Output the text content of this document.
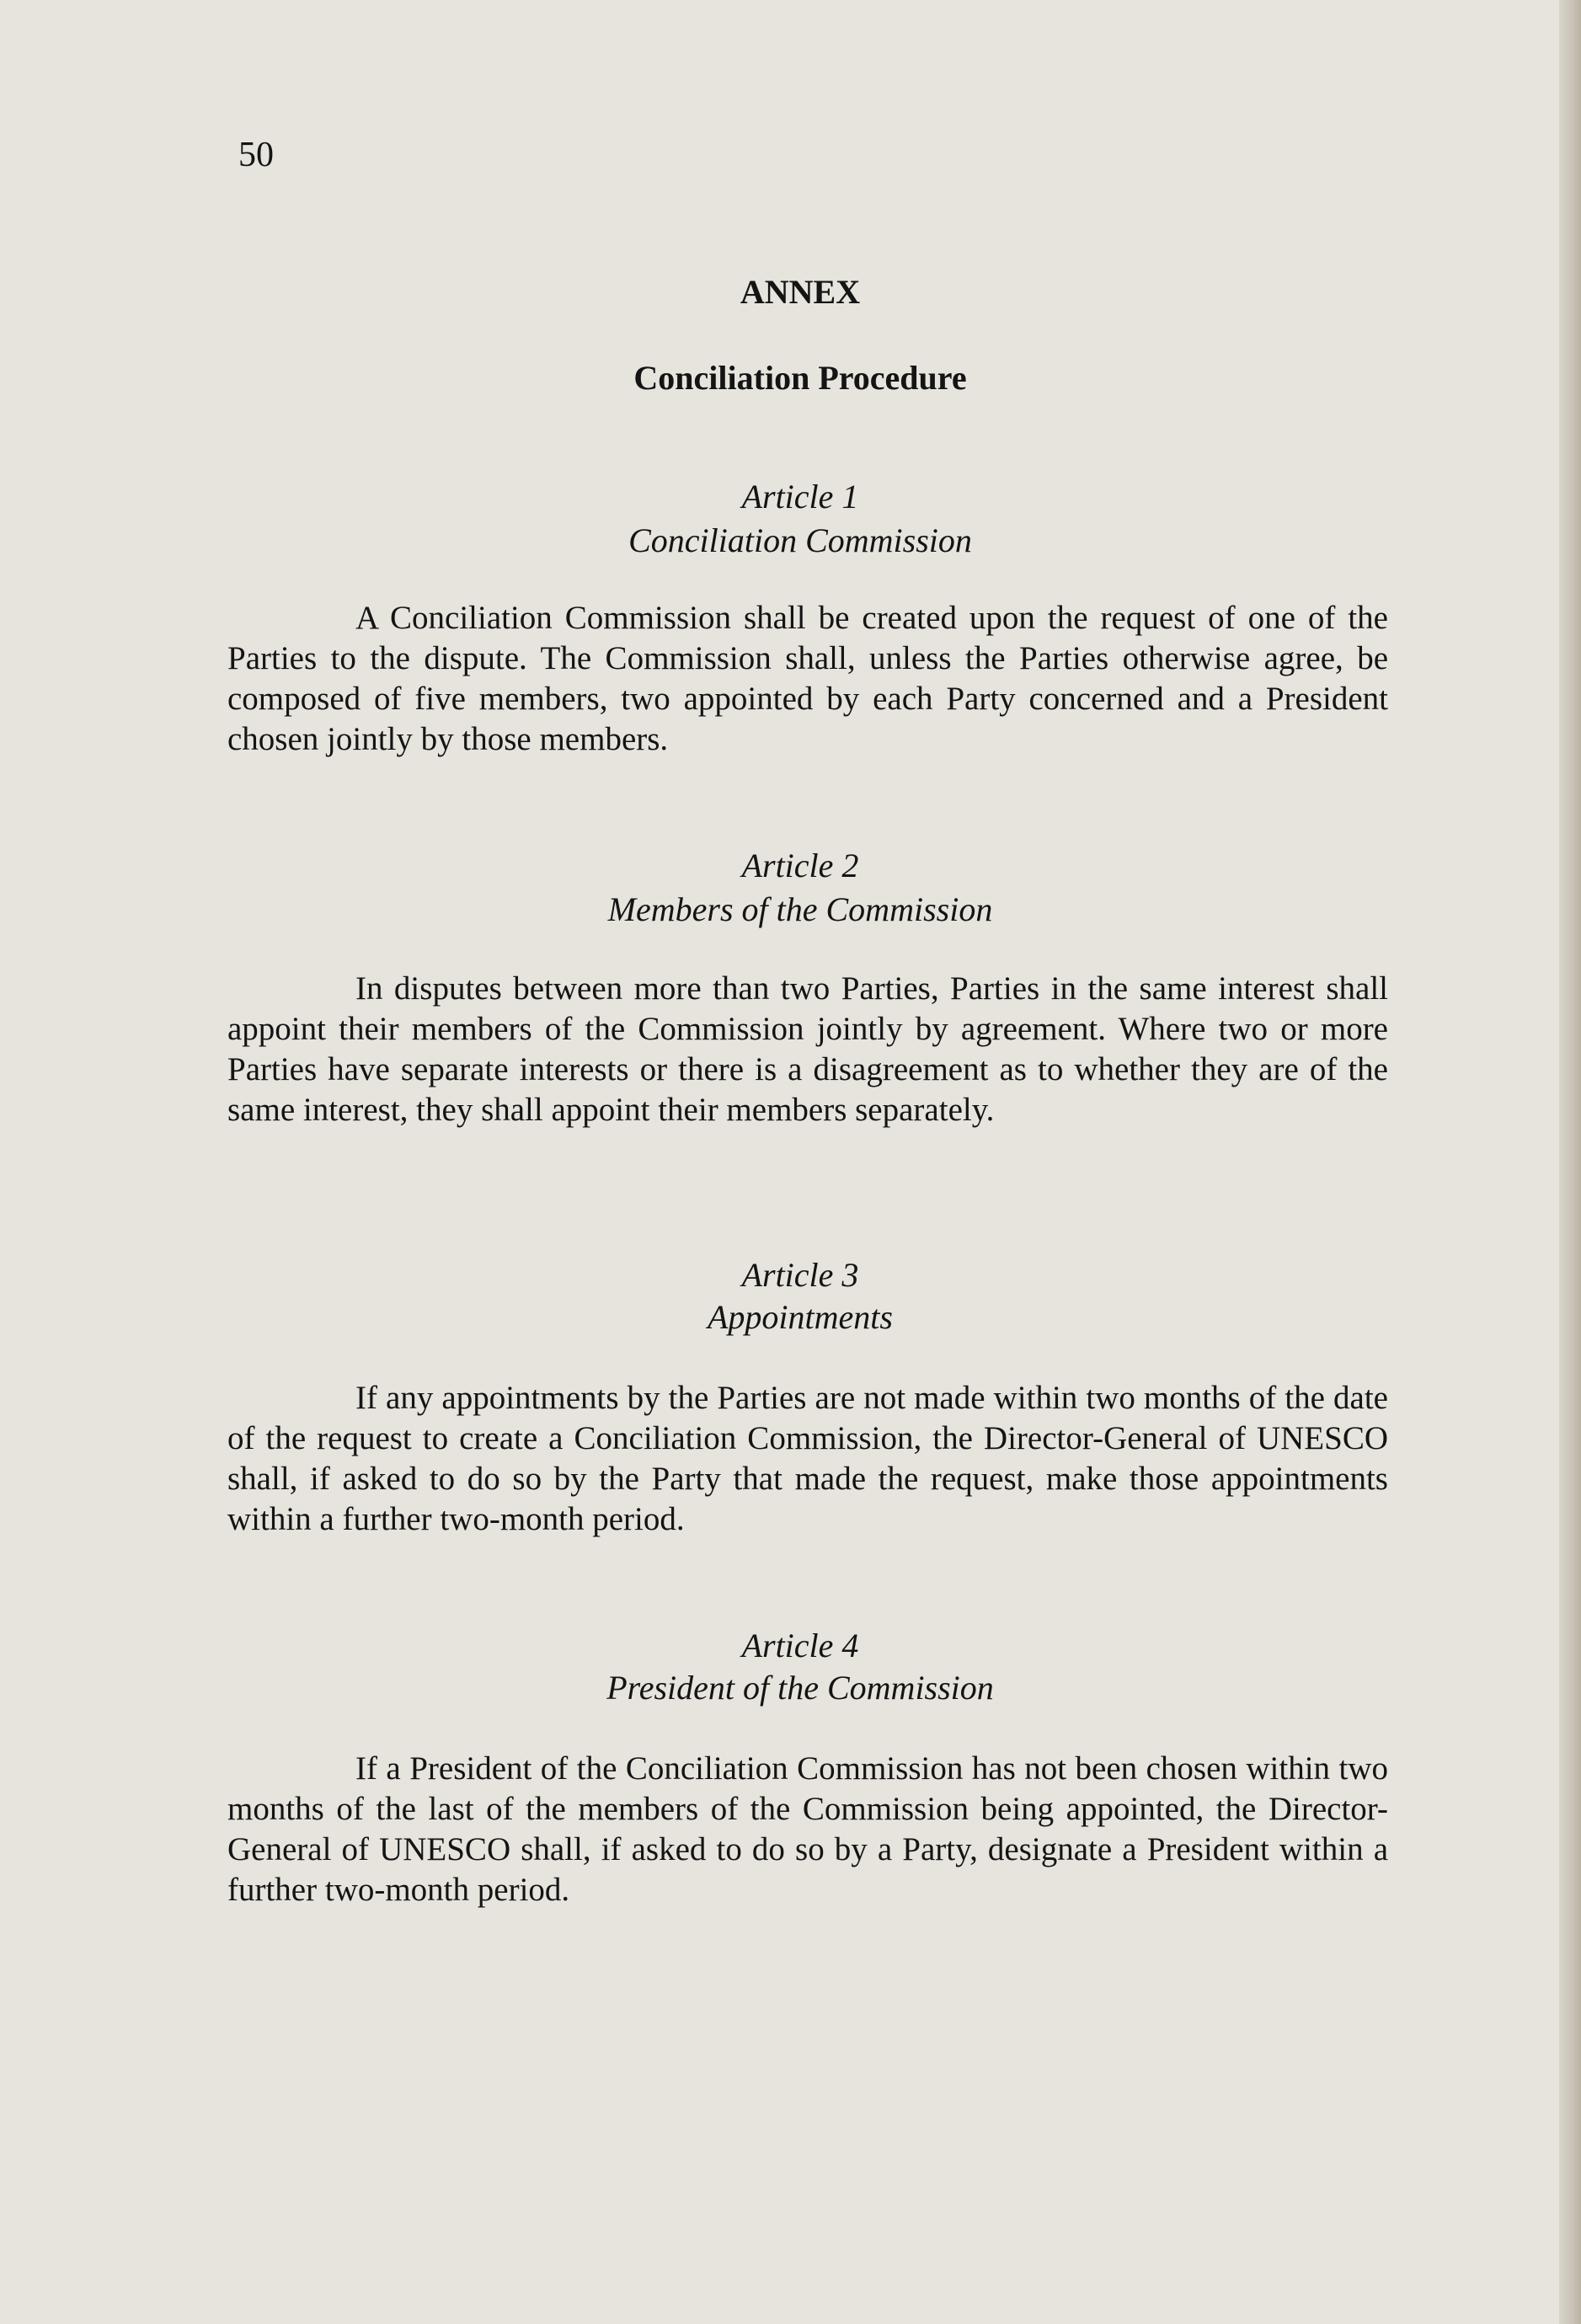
50
ANNEX
Conciliation Procedure
Article 1
Conciliation Commission
A Conciliation Commission shall be created upon the request of one of the Parties to the dispute. The Commission shall, unless the Parties otherwise agree, be composed of five members, two appointed by each Party concerned and a President chosen jointly by those members.
Article 2
Members of the Commission
In disputes between more than two Parties, Parties in the same interest shall appoint their members of the Commission jointly by agreement. Where two or more Parties have separate interests or there is a disagreement as to whether they are of the same interest, they shall appoint their members separately.
Article 3
Appointments
If any appointments by the Parties are not made within two months of the date of the request to create a Conciliation Commission, the Director-General of UNESCO shall, if asked to do so by the Party that made the request, make those appointments within a further two-month period.
Article 4
President of the Commission
If a President of the Conciliation Commission has not been chosen within two months of the last of the members of the Commission being appointed, the Director-General of UNESCO shall, if asked to do so by a Party, designate a President within a further two-month period.
